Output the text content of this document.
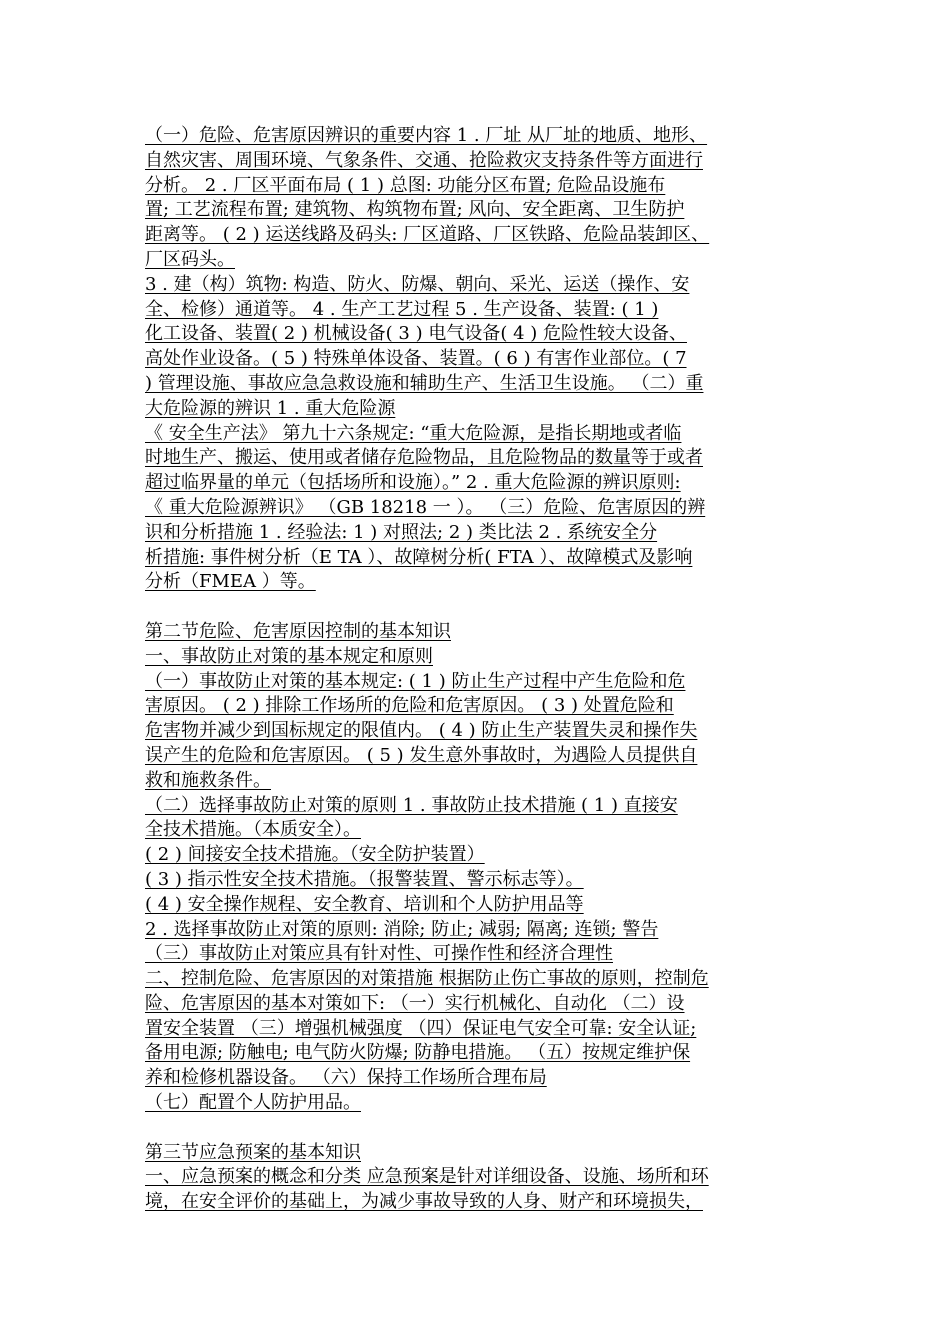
（一）危险、危害原因辨识的重要内容 1 . 厂址 从厂址的地质、地形、
自然灾害、周围环境、气象条件、交通、抢险救灾支持条件等方面进行
分析。 2 . 厂区平面布局 ( 1 ) 总图: 功能分区布置; 危险品设施布
置; 工艺流程布置; 建筑物、构筑物布置; 风向、安全距离、卫生防护
距离等。 ( 2 ) 运送线路及码头: 厂区道路、厂区铁路、危险品装卸区、
厂区码头。
3 . 建（构）筑物: 构造、防火、防爆、朝向、采光、运送（操作、安
全、检修）通道等。 4 . 生产工艺过程 5 . 生产设备、装置: ( 1 )
化工设备、装置( 2 ) 机械设备( 3 ) 电气设备( 4 ) 危险性较大设备、
高处作业设备。( 5 ) 特殊单体设备、装置。( 6 ) 有害作业部位。( 7
) 管理设施、事故应急急救设施和辅助生产、生活卫生设施。 （二）重
大危险源的辨识 1 . 重大危险源
《 安全生产法》 第九十六条规定: “重大危险源，是指长期地或者临
时地生产、搬运、使用或者储存危险物品，且危险物品的数量等于或者
超过临界量的单元（包括场所和设施）。” 2 . 重大危险源的辨识原则:
《 重大危险源辨识》 （GB 18218 一 ）。 （三）危险、危害原因的辨
识和分析措施 1 . 经验法: 1 ) 对照法; 2 ) 类比法 2 . 系统安全分
析措施: 事件树分析（E TA ）、故障树分析( FTA ）、故障模式及影响
分析（FMEA ）等。
第二节危险、危害原因控制的基本知识
一、事故防止对策的基本规定和原则
（一）事故防止对策的基本规定: ( 1 ) 防止生产过程中产生危险和危
害原因。 ( 2 ) 排除工作场所的危险和危害原因。 ( 3 ) 处置危险和
危害物并减少到国标规定的限值内。 ( 4 ) 防止生产装置失灵和操作失
误产生的危险和危害原因。 ( 5 ) 发生意外事故时，为遇险人员提供自
救和施救条件。
（二）选择事故防止对策的原则 1 . 事故防止技术措施 ( 1 ) 直接安
全技术措施。（本质安全）。
( 2 ) 间接安全技术措施。（安全防护装置）
( 3 ) 指示性安全技术措施。（报警装置、警示标志等）。
( 4 ) 安全操作规程、安全教育、培训和个人防护用品等
2 . 选择事故防止对策的原则: 消除; 防止; 减弱; 隔离; 连锁; 警告
（三）事故防止对策应具有针对性、可操作性和经济合理性
二、控制危险、危害原因的对策措施 根据防止伤亡事故的原则，控制危
险、危害原因的基本对策如下: （一）实行机械化、自动化 （二）设
置安全装置 （三）增强机械强度 （四）保证电气安全可靠: 安全认证;
备用电源; 防触电; 电气防火防爆; 防静电措施。 （五）按规定维护保
养和检修机器设备。 （六）保持工作场所合理布局
（七）配置个人防护用品。
第三节应急预案的基本知识
一、应急预案的概念和分类 应急预案是针对详细设备、设施、场所和环
境，在安全评价的基础上，为减少事故导致的人身、财产和环境损失，
